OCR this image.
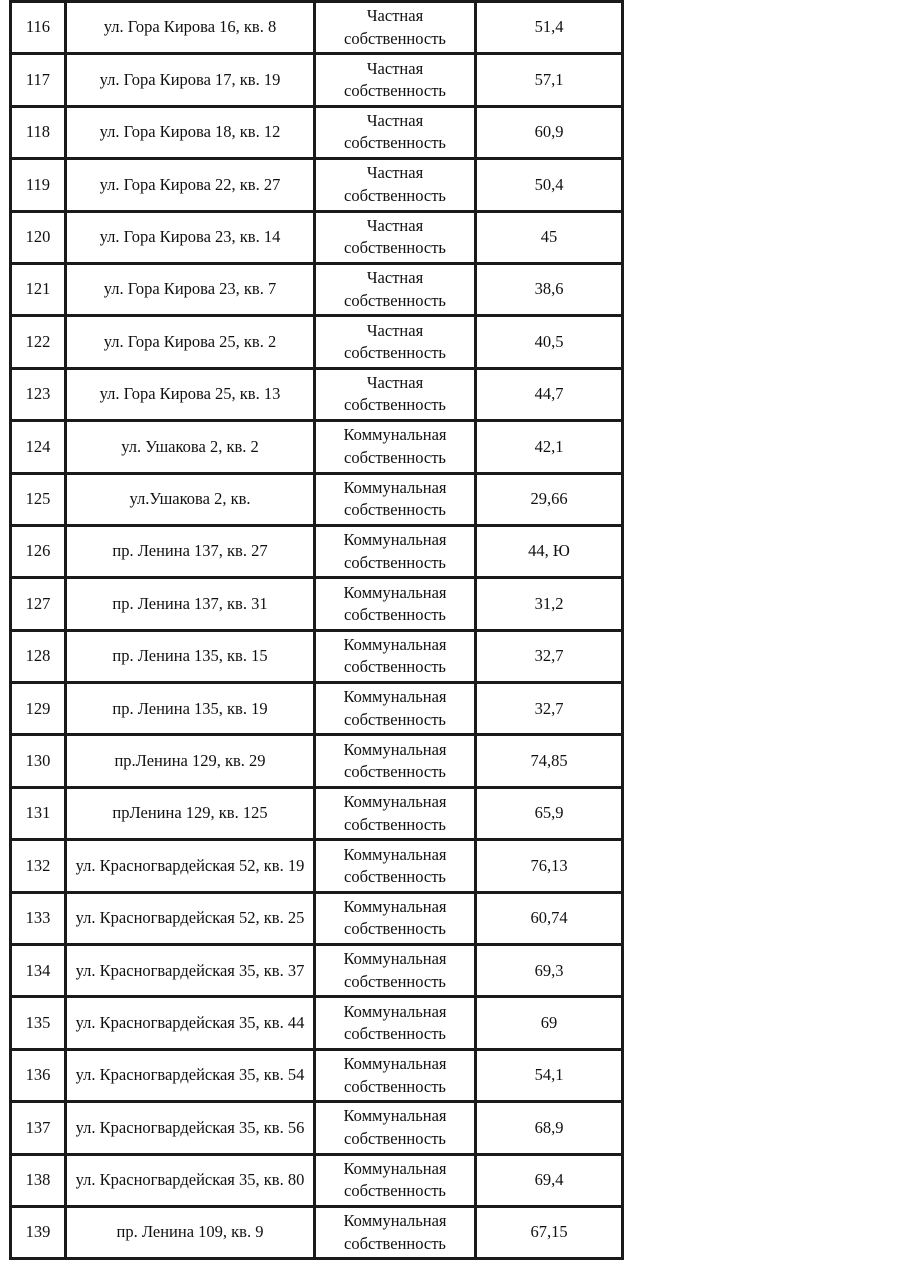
116	ул. Гора Кирова 16, кв. 8	Частная
собственность	51,4
117	ул. Гора Кирова 17, кв. 19	Частная
собственность	57,1
118	ул. Гора Кирова 18, кв. 12	Частная
собственность	60,9
119	ул. Гора Кирова 22, кв. 27	Частная
собственность	50,4
120	ул. Гора Кирова 23, кв. 14	Частная
собственность	45
121	ул. Гора Кирова 23, кв. 7	Частная
собственность	38,6
122	ул. Гора Кирова 25, кв. 2	Частная
собственность	40,5
123	ул. Гора Кирова 25, кв. 13	Частная
собственность	44,7
124	ул. Ушакова 2, кв. 2	Коммунальная
собственность	42,1
125	ул.Ушакова 2, кв.	Коммунальная
собственность	29,66
126	пр. Ленина 137, кв. 27	Коммунальная
собственность	44, Ю
127	пр. Ленина 137, кв. 31	Коммунальная
собственность	31,2
128	пр. Ленина 135, кв. 15	Коммунальная
собственность	32,7
129	пр. Ленина 135, кв. 19	Коммунальная
собственность	32,7
130	пр.Ленина 129, кв. 29	Коммунальная
собственность	74,85
131	прЛенина 129, кв. 125	Коммунальная
собственность	65,9
132	ул. Красногвардейская 52, кв. 19	Коммунальная
собственность	76,13
133	ул. Красногвардейская 52, кв. 25	Коммунальная
собственность	60,74
134	ул. Красногвардейская 35, кв. 37	Коммунальная
собственность	69,3
135	ул. Красногвардейская 35, кв. 44	Коммунальная
собственность	69
136	ул. Красногвардейская 35, кв. 54	Коммунальная
собственность	54,1
137	ул. Красногвардейская 35, кв. 56	Коммунальная
собственность	68,9
138	ул. Красногвардейская 35, кв. 80	Коммунальная
собственность	69,4
139	пр. Ленина 109, кв. 9	Коммунальная
собственность	67,15
